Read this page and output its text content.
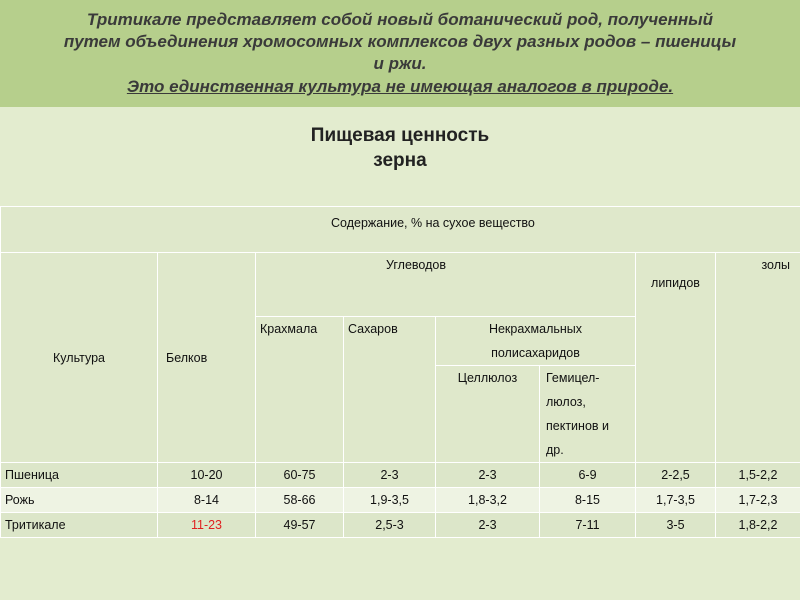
Тритикале представляет собой новый ботанический род, полученный
путем объединения хромосомных комплексов двух разных родов – пшеницы
и ржи.
Это единственная культура не имеющая аналогов в природе.
Пищевая ценность
зерна
Содержание, % на сухое вещество							
Культура	Белков	Углеводов				липидов	золы
		Крахмала	Сахаров	Некрахмальных
полисахаридов			
				Целлюлоз	Гемицел-
люлоз,
пектинов и
др.		

Пшеница	10-20	60-75	2-3	2-3	6-9	2-2,5	1,5-2,2
Рожь	8-14	58-66	1,9-3,5	1,8-3,2	8-15	1,7-3,5	1,7-2,3
Тритикале	11-23	49-57	2,5-3	2-3	7-11	3-5	1,8-2,2
